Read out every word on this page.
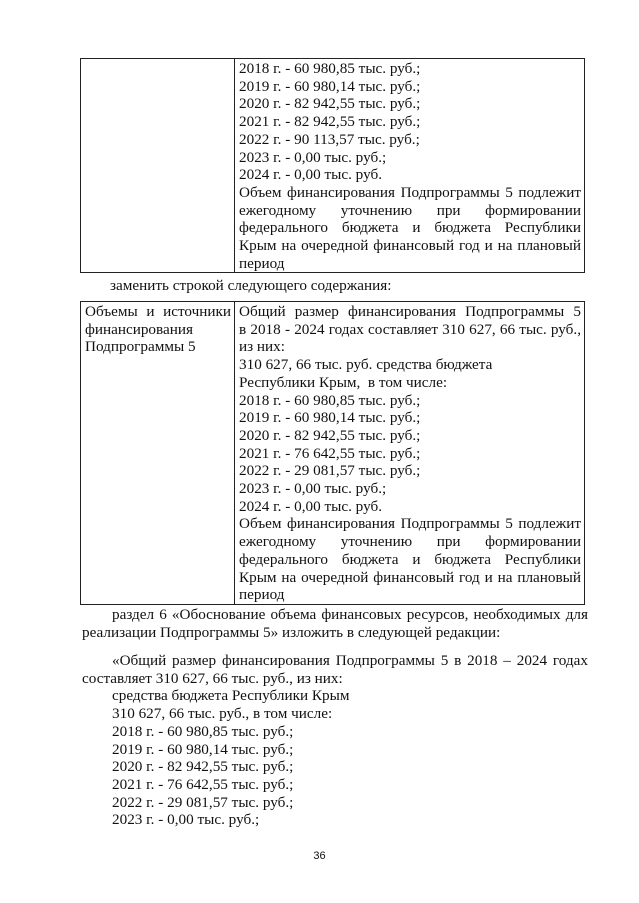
2018 г. - 60 980,85 тыс. руб.;
2019 г. - 60 980,14 тыс. руб.;
2020 г. - 82 942,55 тыс. руб.;
2021 г. - 82 942,55 тыс. руб.;
2022 г. - 90 113,57 тыс. руб.;
2023 г. - 0,00 тыс. руб.;
2024 г. - 0,00 тыс. руб.
Объем финансирования Подпрограммы 5 подлежит
ежегодному уточнению при формировании
федерального бюджета и бюджета Республики
Крым на очередной финансовый год и на плановый
период
заменить строкой следующего содержания:
Объемы и источники
финансирования
Подпрограммы 5

Общий размер финансирования Подпрограммы 5
в 2018 - 2024 годах составляет 310 627, 66 тыс. руб.,
из них:
310 627, 66 тыс. руб. средства бюджета
Республики Крым,  в том числе:
2018 г. - 60 980,85 тыс. руб.;
2019 г. - 60 980,14 тыс. руб.;
2020 г. - 82 942,55 тыс. руб.;
2021 г. - 76 642,55 тыс. руб.;
2022 г. - 29 081,57 тыс. руб.;
2023 г. - 0,00 тыс. руб.;
2024 г. - 0,00 тыс. руб.
Объем финансирования Подпрограммы 5 подлежит
ежегодному уточнению при формировании
федерального бюджета и бюджета Республики
Крым на очередной финансовый год и на плановый
период
раздел 6 «Обоснование объема финансовых ресурсов, необходимых для
реализации Подпрограммы 5» изложить в следующей редакции:
«Общий размер финансирования Подпрограммы 5 в 2018 – 2024 годах
составляет 310 627, 66 тыс. руб., из них:
средства бюджета Республики Крым
310 627, 66 тыс. руб., в том числе:
2018 г. - 60 980,85 тыс. руб.;
2019 г. - 60 980,14 тыс. руб.;
2020 г. - 82 942,55 тыс. руб.;
2021 г. - 76 642,55 тыс. руб.;
2022 г. - 29 081,57 тыс. руб.;
2023 г. - 0,00 тыс. руб.;
36
